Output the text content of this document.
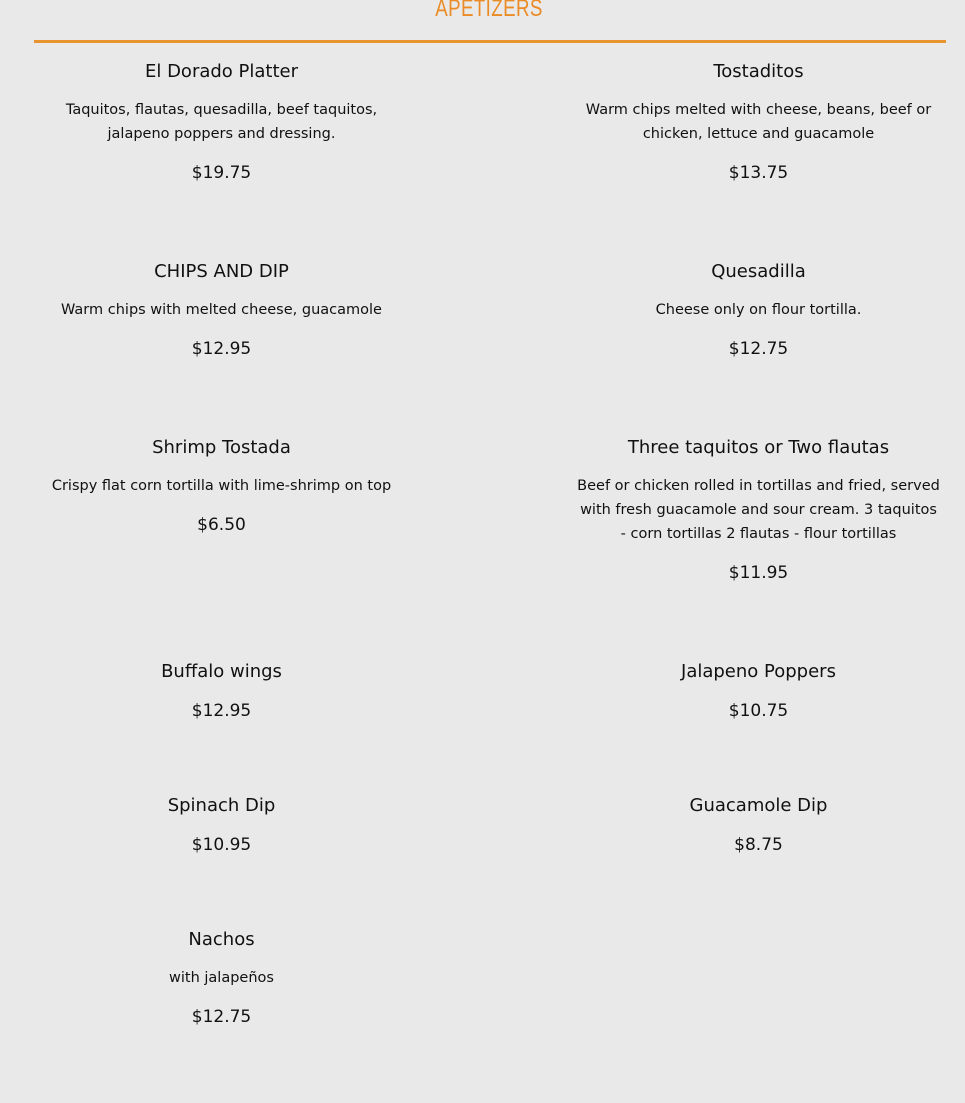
APETIZERS
El Dorado Platter
Taquitos, flautas, quesadilla, beef taquitos, jalapeno poppers and dressing.
$19.75
Tostaditos
Warm chips melted with cheese, beans, beef or chicken, lettuce and guacamole
$13.75
CHIPS AND DIP
Warm chips with melted cheese, guacamole
$12.95
Quesadilla
Cheese only on flour tortilla.
$12.75
Shrimp Tostada
Crispy flat corn tortilla with lime-shrimp on top
$6.50
Three taquitos or Two flautas
Beef or chicken rolled in tortillas and fried, served with fresh guacamole and sour cream. 3 taquitos - corn tortillas 2 flautas - flour tortillas
$11.95
Buffalo wings
$12.95
Jalapeno Poppers
$10.75
Spinach Dip
$10.95
Guacamole Dip
$8.75
Nachos
with jalapeños
$12.75
